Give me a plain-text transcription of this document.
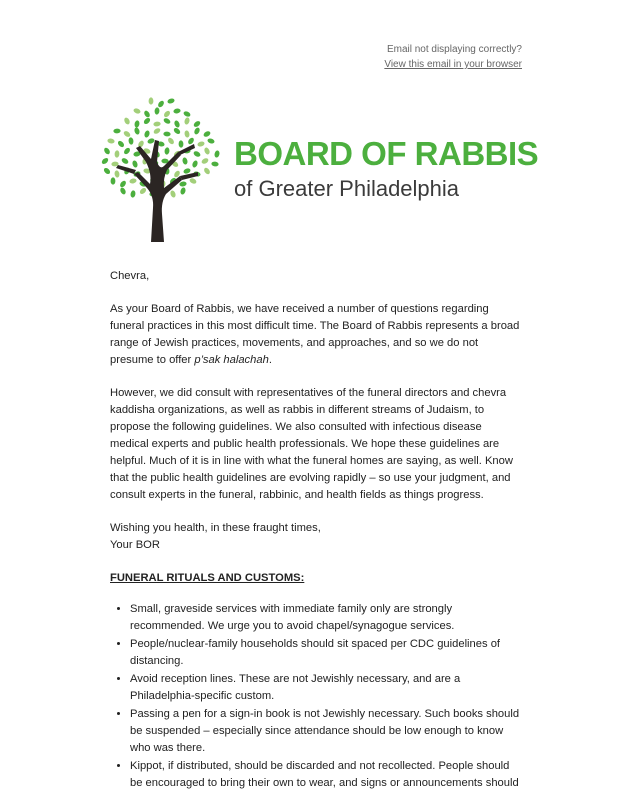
Email not displaying correctly?
View this email in your browser
BOARD OF RABBIS
of Greater Philadelphia

Chevra,

As your Board of Rabbis, we have received a number of questions regarding funeral practices in this most difficult time. The Board of Rabbis represents a broad range of Jewish practices, movements, and approaches, and so we do not presume to offer p’sak halachah.

However, we did consult with representatives of the funeral directors and chevra kaddisha organizations, as well as rabbis in different streams of Judaism, to propose the following guidelines. We also consulted with infectious disease medical experts and public health professionals. We hope these guidelines are helpful. Much of it is in line with what the funeral homes are saying, as well. Know that the public health guidelines are evolving rapidly – so use your judgment, and consult experts in the funeral, rabbinic, and health fields as things progress.

Wishing you health, in these fraught times,

Your BOR

FUNERAL RITUALS AND CUSTOMS:
• Small, graveside services with immediate family only are strongly recommended. We urge you to avoid chapel/synagogue services.
• People/nuclear-family households should sit spaced per CDC guidelines of distancing.
• Avoid reception lines. These are not Jewishly necessary, and are a Philadelphia-specific custom.
• Passing a pen for a sign-in book is not Jewishly necessary. Such books should be suspended – especially since attendance should be low enough to know who was there.
• Kippot, if distributed, should be discarded and not recollected. People should be encouraged to bring their own to wear, and signs or announcements should
